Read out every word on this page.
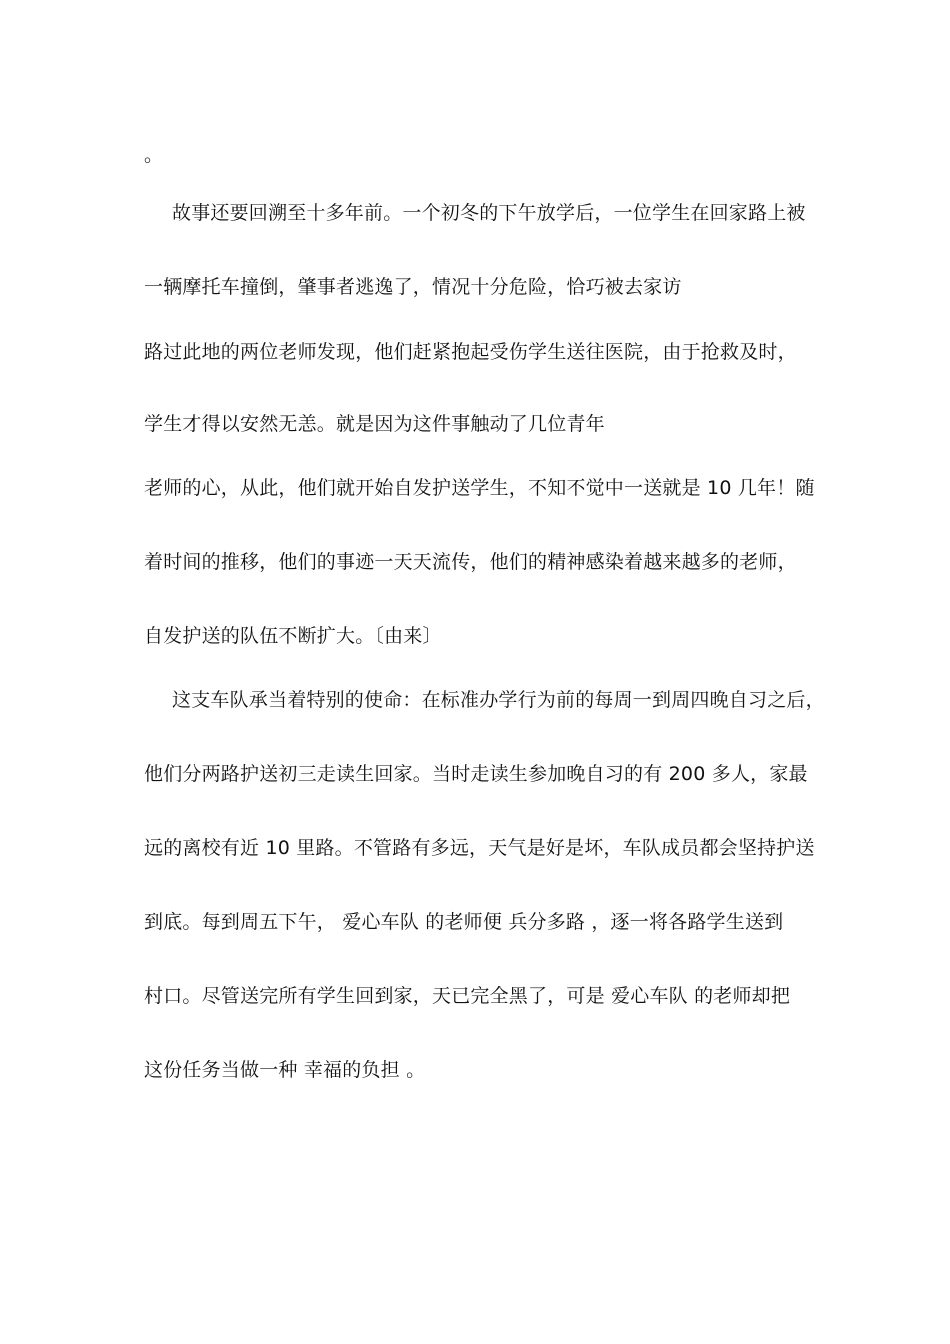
。
故事还要回溯至十多年前。一个初冬的下午放学后，一位学生在回家路上被
一辆摩托车撞倒，肇事者逃逸了，情况十分危险，恰巧被去家访
路过此地的两位老师发现，他们赶紧抱起受伤学生送往医院，由于抢救及时，
学生才得以安然无恙。就是因为这件事触动了几位青年
老师的心，从此，他们就开始自发护送学生，不知不觉中一送就是 10 几年！随
着时间的推移，他们的事迹一天天流传，他们的精神感染着越来越多的老师，
自发护送的队伍不断扩大。〔由来〕
这支车队承当着特别的使命：在标准办学行为前的每周一到周四晚自习之后，
他们分两路护送初三走读生回家。当时走读生参加晚自习的有 200 多人，家最
远的离校有近 10 里路。不管路有多远，天气是好是坏，车队成员都会坚持护送
到底。每到周五下午， 爱心车队 的老师便 兵分多路 ，逐一将各路学生送到
村口。尽管送完所有学生回到家，天已完全黑了，可是 爱心车队 的老师却把
这份任务当做一种 幸福的负担 。
